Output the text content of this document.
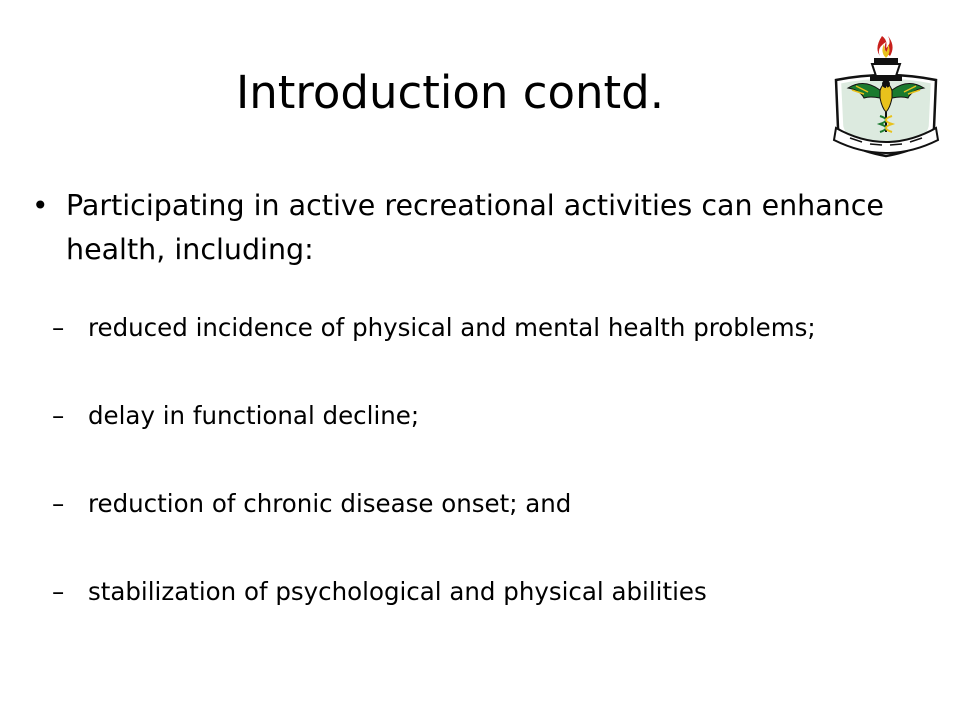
Introduction contd.
• Participating in active recreational activities can enhance health, including:
– reduced incidence of physical and mental health problems;
– delay in functional decline;
– reduction of chronic disease onset; and
– stabilization of psychological and physical abilities
